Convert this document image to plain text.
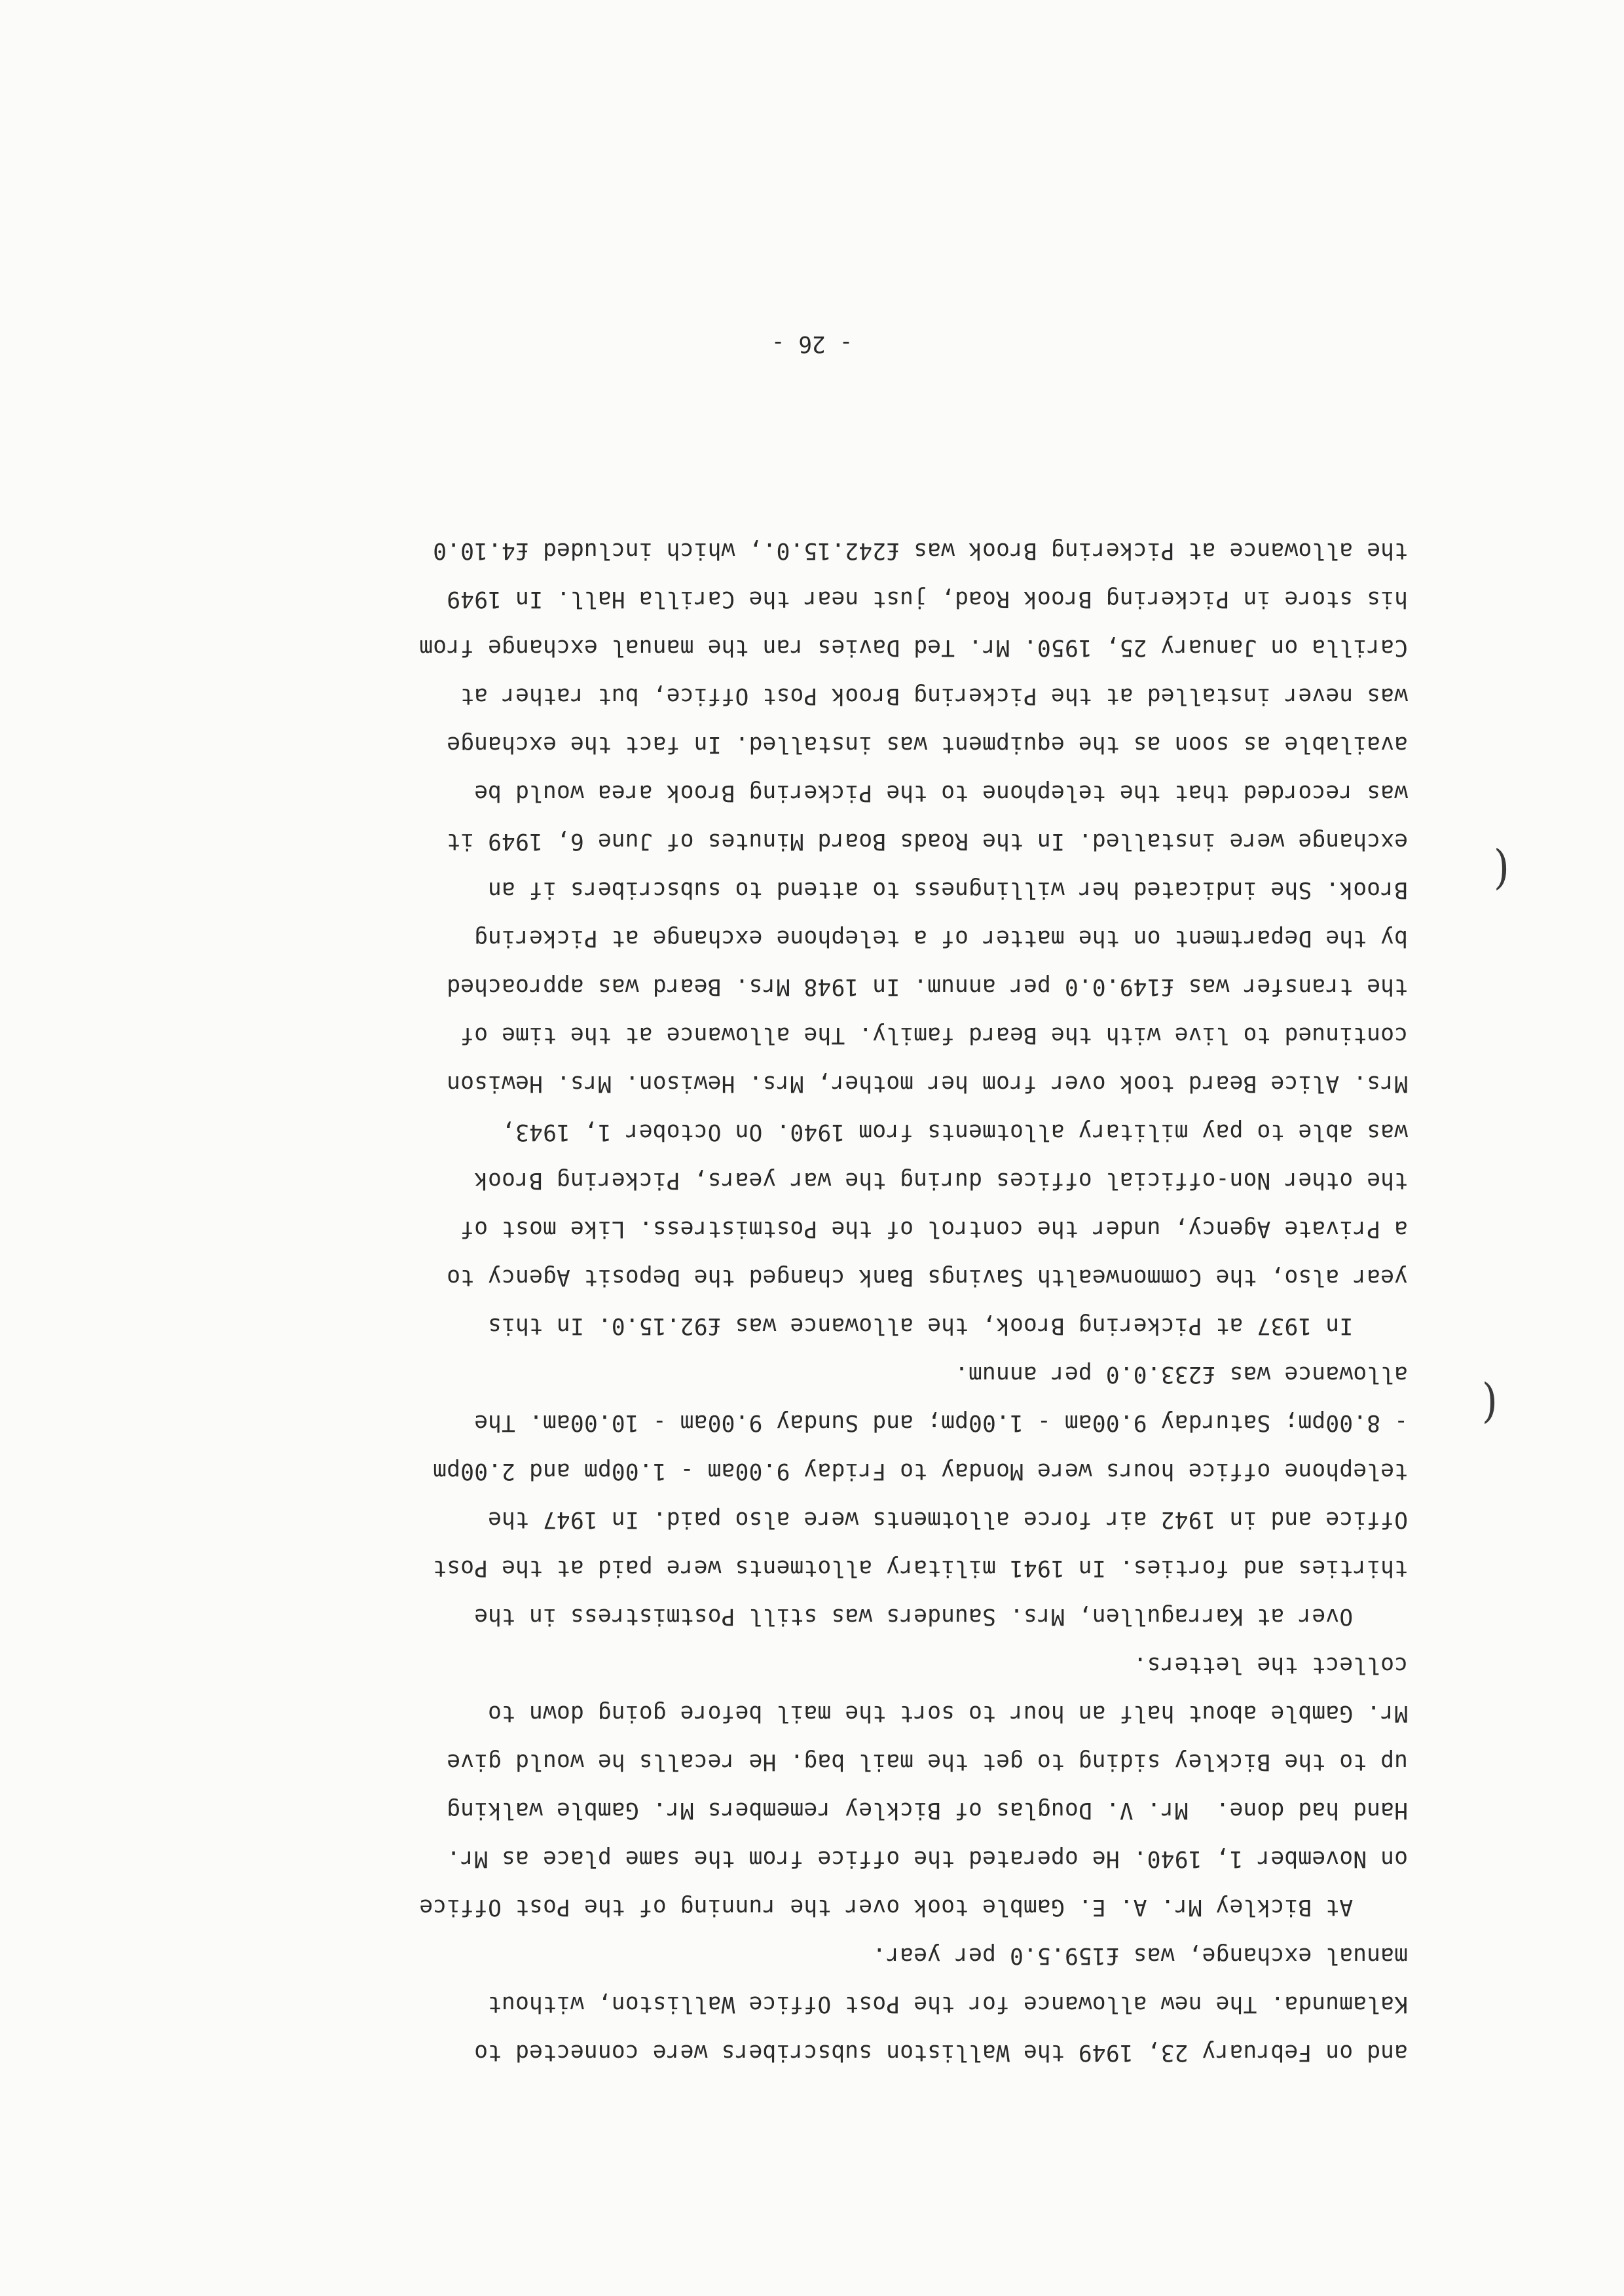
and on February 23, 1949 the Walliston subscribers were connected to
Kalamunda. The new allowance for the Post Office Walliston, without
manual exchange, was £159.5.0 per year.
At Bickley Mr. A. E. Gamble took over the running of the Post Office
on November 1, 1940. He operated the office from the same place as Mr.
Hand had done.  Mr. V. Douglas of Bickley remembers Mr. Gamble walking
up to the Bickley siding to get the mail bag. He recalls he would give
Mr. Gamble about half an hour to sort the mail before going down to
collect the letters.
Over at Karragullen, Mrs. Saunders was still Postmistress in the
thirties and forties. In 1941 military allotments were paid at the Post
Office and in 1942 air force allotments were also paid. In 1947 the
telephone office hours were Monday to Friday 9.00am - 1.00pm and 2.00pm
- 8.00pm; Saturday 9.00am - 1.00pm; and Sunday 9.00am - 10.00am. The
allowance was £233.0.0 per annum.
In 1937 at Pickering Brook, the allowance was £92.15.0. In this
year also, the Commonwealth Savings Bank changed the Deposit Agency to
a Private Agency, under the control of the Postmistress. Like most of
the other Non-official offices during the war years, Pickering Brook
was able to pay military allotments from 1940. On October 1, 1943,
Mrs. Alice Beard took over from her mother, Mrs. Hewison. Mrs. Hewison
continued to live with the Beard family. The allowance at the time of
the transfer was £149.0.0 per annum. In 1948 Mrs. Beard was approached
by the Department on the matter of a telephone exchange at Pickering
Brook. She indicated her willingness to attend to subscribers if an
exchange were installed. In the Roads Board Minutes of June 6, 1949 it
was recorded that the telephone to the Pickering Brook area would be
available as soon as the equipment was installed. In fact the exchange
was never installed at the Pickering Brook Post Office, but rather at
Carilla on January 25, 1950. Mr. Ted Davies ran the manual exchange from
his store in Pickering Brook Road, just near the Carilla Hall. In 1949
the allowance at Pickering Brook was £242.15.0., which included £4.10.0
- 26 -
(
(
